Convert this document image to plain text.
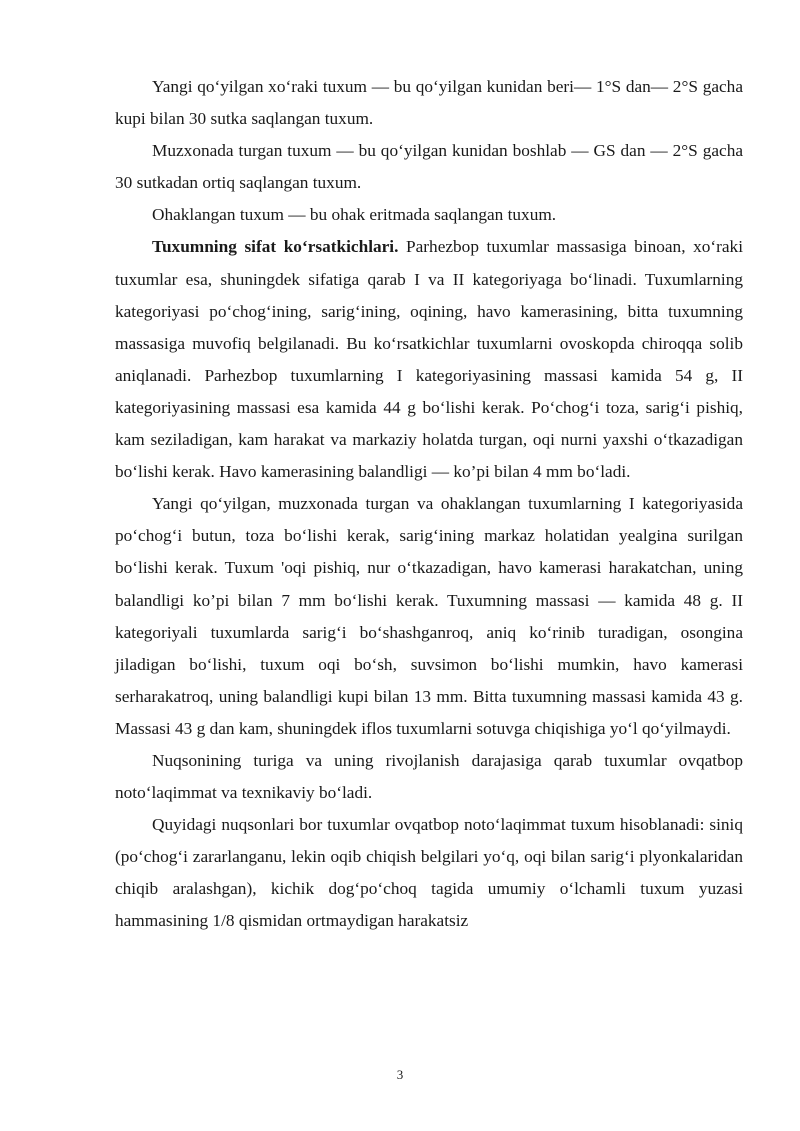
Yangi qo‘yilgan xo‘raki tuxum — bu qo‘yilgan kunidan beri— 1°S dan— 2°S gacha kupi bilan 30 sutka saqlangan tuxum.

Muzxonada turgan tuxum — bu qo‘yilgan kunidan boshlab — GS dan — 2°S gacha 30 sutkadan ortiq saqlangan tuxum.

Ohaklangan tuxum — bu ohak eritmada saqlangan tuxum.

Tuxumning sifat ko‘rsatkichlari. Parhezbop tuxumlar massasiga binoan, xo‘raki tuxumlar esa, shuningdek sifatiga qarab I va II kategoriyaga bo‘linadi. Tuxumlarning kategoriyasi po‘chog‘ining, sarig‘ining, oqining, havo kamerasining, bitta tuxumning massasiga muvofiq belgilanadi. Bu ko‘rsatkichlar tuxumlarni ovoskopda chiroqqa solib aniqlanadi. Parhezbop tuxumlarning I kategoriyasining massasi kamida 54 g, II kategoriyasining massasi esa kamida 44 g bo‘lishi kerak. Po‘chog‘i toza, sarig‘i pishiq, kam seziladigan, kam harakat va markaziy holatda turgan, oqi nurni yaxshi o‘tkazadigan bo‘lishi kerak. Havo kamerasining balandligi — ko’pi bilan 4 mm bo‘ladi.

Yangi qo‘yilgan, muzxonada turgan va ohaklangan tuxumlarning I kategoriyasida po‘chog‘i butun, toza bo‘lishi kerak, sarig‘ining markaz holatidan yealgina surilgan bo‘lishi kerak. Tuxum 'oqi pishiq, nur o‘tkazadigan, havo kamerasi harakatchan, uning balandligi ko’pi bilan 7 mm bo‘lishi kerak. Tuxumning massasi — kamida 48 g. II kategoriyali tuxumlarda sarig‘i bo‘shashganroq, aniq ko‘rinib turadigan, osongina jiladigan bo‘lishi, tuxum oqi bo‘sh, suvsimon bo‘lishi mumkin, havo kamerasi serharakatroq, uning balandligi kupi bilan 13 mm. Bitta tuxumning massasi kamida 43 g. Massasi 43 g dan kam, shuningdek iflos tuxumlarni sotuvga chiqishiga yo‘l qo‘yilmaydi.

Nuqsonining turiga va uning rivojlanish darajasiga qarab tuxumlar ovqatbop noto‘laqimmat va texnikaviy bo‘ladi.

Quyidagi nuqsonlari bor tuxumlar ovqatbop noto‘laqimmat tuxum hisoblanadi: siniq (po‘chog‘i zararlanganu, lekin oqib chiqish belgilari yo‘q, oqi bilan sarig‘i plyonkalaridan chiqib aralashgan), kichik dog‘po‘choq tagida umumiy o‘lchamli tuxum yuzasi hammasining 1/8 qismidan ortmaydigan harakatsiz

3
